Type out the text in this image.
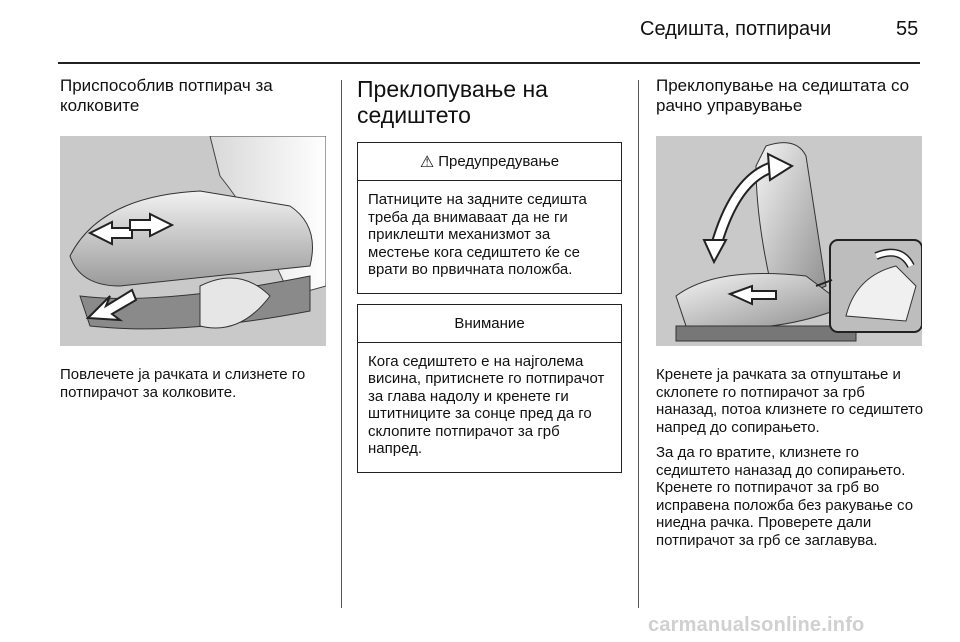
Седишта, потпирачи	55
Приспособлив потпирач за колковите
Повлечете ја рачката и слизнете го потпирачот за колковите.
Преклопување на седиштето
⚠ Предупредување
Патниците на задните седишта треба да внимаваат да не ги приклешти механизмот за местење кога седиштето ќе се врати во првичната положба.
Внимание
Кога седиштето е на најголема висина, притиснете го потпирачот за глава надолу и кренете ги штитниците за сонце пред да го склопите потпирачот за грб напред.
Преклопување на седиштата со рачно управување

Кренете ја рачката за отпуштање и склопете го потпирачот за грб наназад, потоа клизнете го седиштето напред до сопирањето.

За да го вратите, клизнете го седиштето наназад до сопирањето. Кренете го потпирачот за грб во исправена положба без ракување со ниедна рачка. Проверете дали потпирачот за грб се заглавува.

carmanualsonline.info
